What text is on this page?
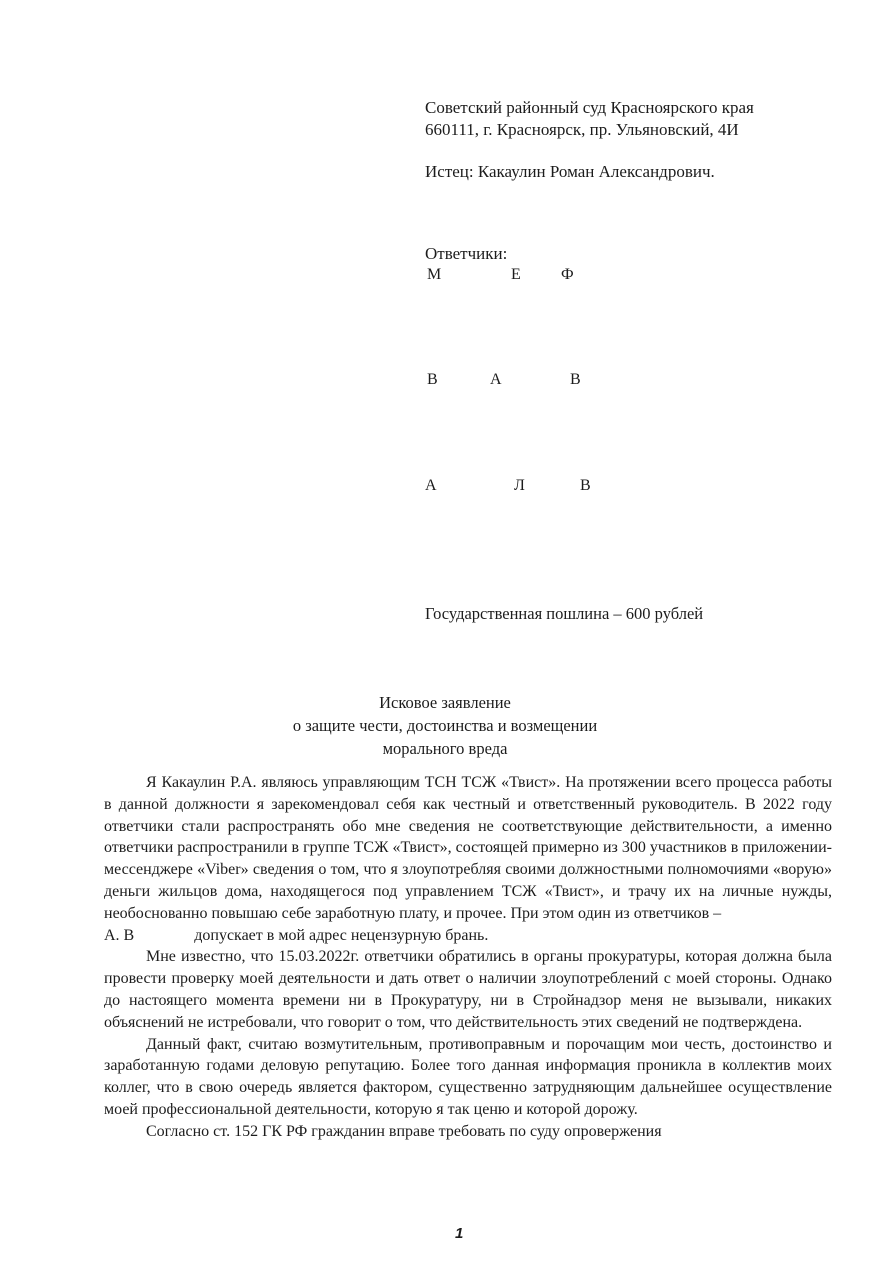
Советский районный суд Красноярского края
660111, г. Красноярск, пр. Ульяновский, 4И
Истец: Какаулин Роман Александрович.
Ответчики:
М	Е	Ф
В	А	В
А	Л	В
Государственная пошлина – 600 рублей
Исковое заявление
о защите чести, достоинства и возмещении
морального вреда

Я Какаулин Р.А. являюсь управляющим ТСН ТСЖ «Твист». На протяжении всего процесса работы в данной должности я зарекомендовал себя как честный и ответственный руководитель. В 2022 году ответчики стали распространять обо мне сведения не соответствующие действительности, а именно ответчики распространили в группе ТСЖ «Твист», состоящей примерно из 300 участников в приложении-мессенджере «Viber» сведения о том, что я злоупотребляя своими должностными полномочиями «ворую» деньги жильцов дома, находящегося под управлением ТСЖ «Твист», и трачу их на личные нужды, необоснованно повышаю себе заработную плату, и прочее. При этом один из ответчиков –

А. В	допускает в мой адрес нецензурную брань.

Мне известно, что 15.03.2022г. ответчики обратились в органы прокуратуры, которая должна была провести проверку моей деятельности и дать ответ о наличии злоупотреблений с моей стороны. Однако до настоящего момента времени ни в Прокуратуру, ни в Стройнадзор меня не вызывали, никаких объяснений не истребовали, что говорит о том, что действительность этих сведений не подтверждена.

Данный факт, считаю возмутительным, противоправным и порочащим мои честь, достоинство и заработанную годами деловую репутацию. Более того данная информация проникла в коллектив моих коллег, что в свою очередь является фактором, существенно затрудняющим дальнейшее осуществление моей профессиональной деятельности, которую я так ценю и которой дорожу.

Согласно ст. 152 ГК РФ гражданин вправе требовать по суду опровержения

1
